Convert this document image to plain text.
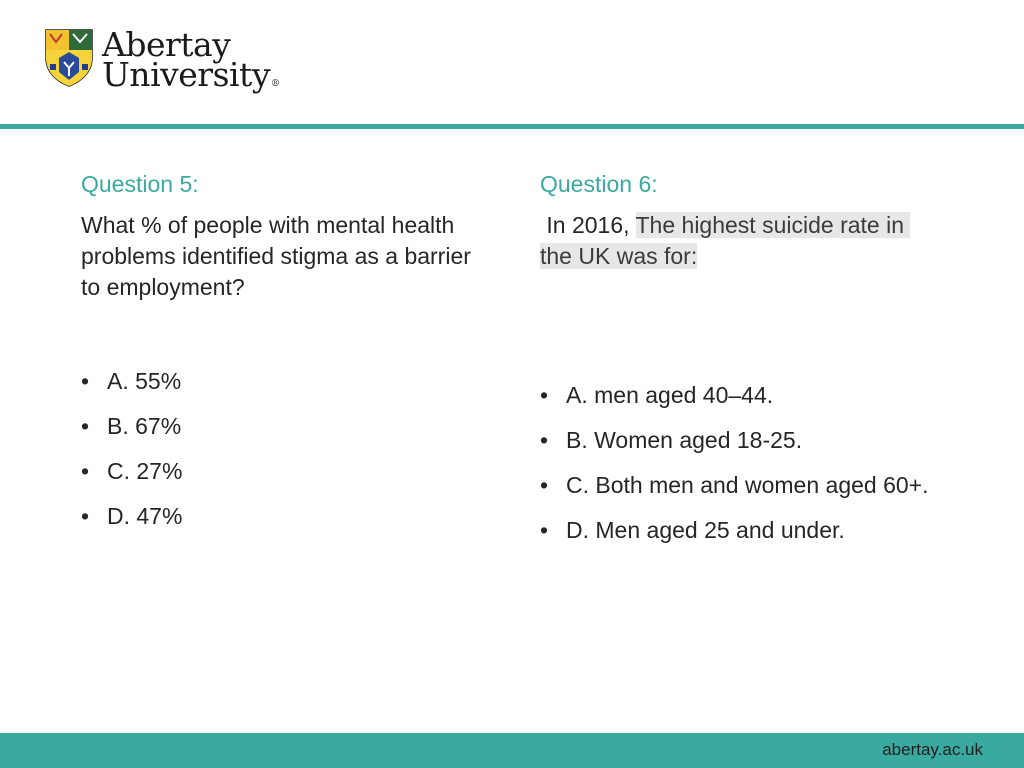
Abertay
University®

Question 5:

What % of people with mental health problems identified stigma as a barrier to employment?

• A. 55%
• B. 67%
• C. 27%
• D. 47%

Question 6:

In 2016, The highest suicide rate in the UK was for:

• A. men aged 40–44.
• B. Women aged 18-25.
• C. Both men and women aged 60+.
• D. Men aged 25 and under.
abertay.ac.uk
